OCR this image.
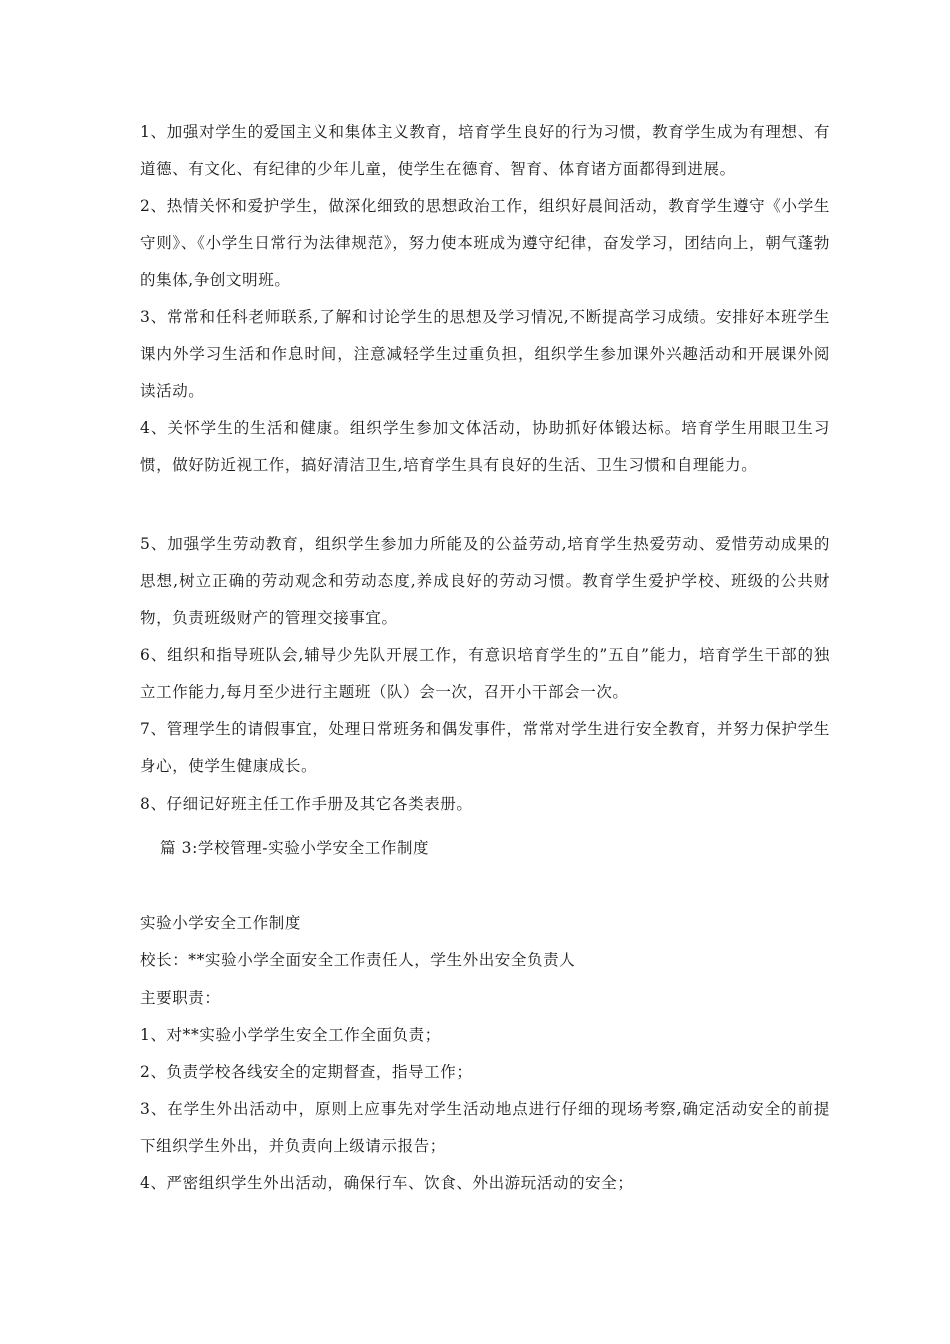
1、加强对学生的爱国主义和集体主义教育，培育学生良好的行为习惯，教育学生成为有理想、有道德、有文化、有纪律的少年儿童，使学生在德育、智育、体育诸方面都得到进展。

2、热情关怀和爱护学生，做深化细致的思想政治工作，组织好晨间活动，教育学生遵守《小学生守则》、《小学生日常行为法律规范》，努力使本班成为遵守纪律，奋发学习，团结向上，朝气蓬勃的集体,争创文明班。

3、常常和任科老师联系,了解和讨论学生的思想及学习情况,不断提高学习成绩。安排好本班学生课内外学习生活和作息时间，注意减轻学生过重负担，组织学生参加课外兴趣活动和开展课外阅读活动。

4、关怀学生的生活和健康。组织学生参加文体活动，协助抓好体锻达标。培育学生用眼卫生习惯，做好防近视工作，搞好清洁卫生,培育学生具有良好的生活、卫生习惯和自理能力。

5、加强学生劳动教育，组织学生参加力所能及的公益劳动,培育学生热爱劳动、爱惜劳动成果的思想,树立正确的劳动观念和劳动态度,养成良好的劳动习惯。教育学生爱护学校、班级的公共财物，负责班级财产的管理交接事宜。

6、组织和指导班队会,辅导少先队开展工作，有意识培育学生的”五自”能力，培育学生干部的独立工作能力,每月至少进行主题班（队）会一次，召开小干部会一次。

7、管理学生的请假事宜，处理日常班务和偶发事件，常常对学生进行安全教育，并努力保护学生身心，使学生健康成长。

8、仔细记好班主任工作手册及其它各类表册。

篇 3:学校管理-实验小学安全工作制度

实验小学安全工作制度

校长：**实验小学全面安全工作责任人，学生外出安全负责人

主要职责：

1、对**实验小学学生安全工作全面负责；

2、负责学校各线安全的定期督查，指导工作；

3、在学生外出活动中，原则上应事先对学生活动地点进行仔细的现场考察,确定活动安全的前提下组织学生外出，并负责向上级请示报告；

4、严密组织学生外出活动，确保行车、饮食、外出游玩活动的安全；
